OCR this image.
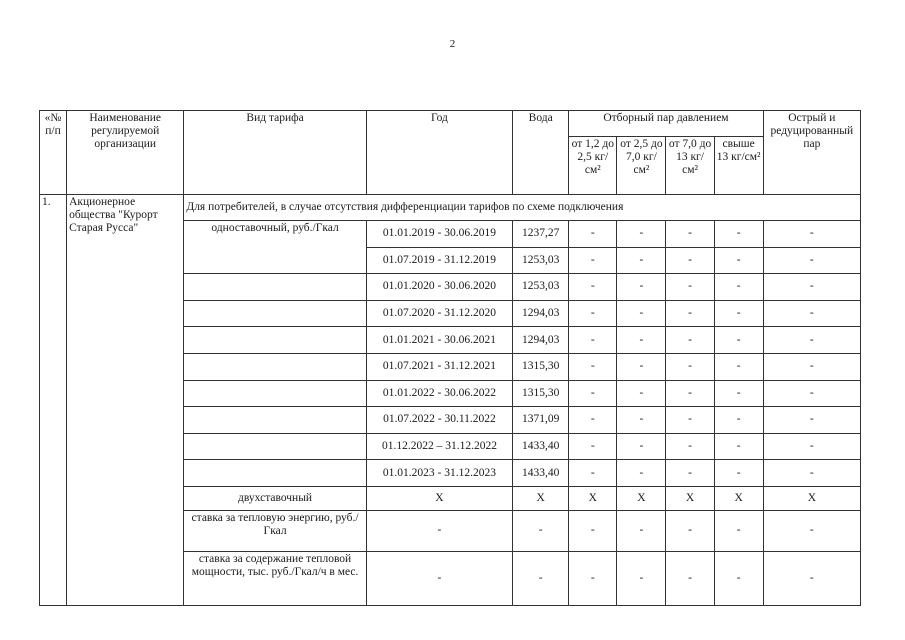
2
«№ п/п	Наименование регулируемой организации	Вид тарифа	Год	Вода	Отборный пар давлением				Острый и редуцированный пар
					от 1,2 до 2,5 кг/см²	от 2,5 до 7,0 кг/см²	от 7,0 до 13 кг/см²	свыше 13 кг/см²	
1.	Акционерное общества "Курорт Старая Русса"	Для потребителей, в случае отсутствия дифференциации тарифов по схеме подключения							
		одноставочный, руб./Гкал	01.01.2019 - 30.06.2019	1237,27	-	-	-	-	-
			01.07.2019 - 31.12.2019	1253,03	-	-	-	-	-
			01.01.2020 - 30.06.2020	1253,03	-	-	-	-	-
			01.07.2020 - 31.12.2020	1294,03	-	-	-	-	-
			01.01.2021 - 30.06.2021	1294,03	-	-	-	-	-
			01.07.2021 - 31.12.2021	1315,30	-	-	-	-	-
			01.01.2022 - 30.06.2022	1315,30	-	-	-	-	-
			01.07.2022 - 30.11.2022	1371,09	-	-	-	-	-
			01.12.2022 – 31.12.2022	1433,40	-	-	-	-	-
			01.01.2023 - 31.12.2023	1433,40	-	-	-	-	-
		двухставочный	X	X	X	X	X	X	X
		ставка за тепловую энергию, руб./Гкал	-	-	-	-	-	-	-
		ставка за содержание тепловой мощности, тыс. руб./Гкал/ч в мес.	-	-	-	-	-	-	-
